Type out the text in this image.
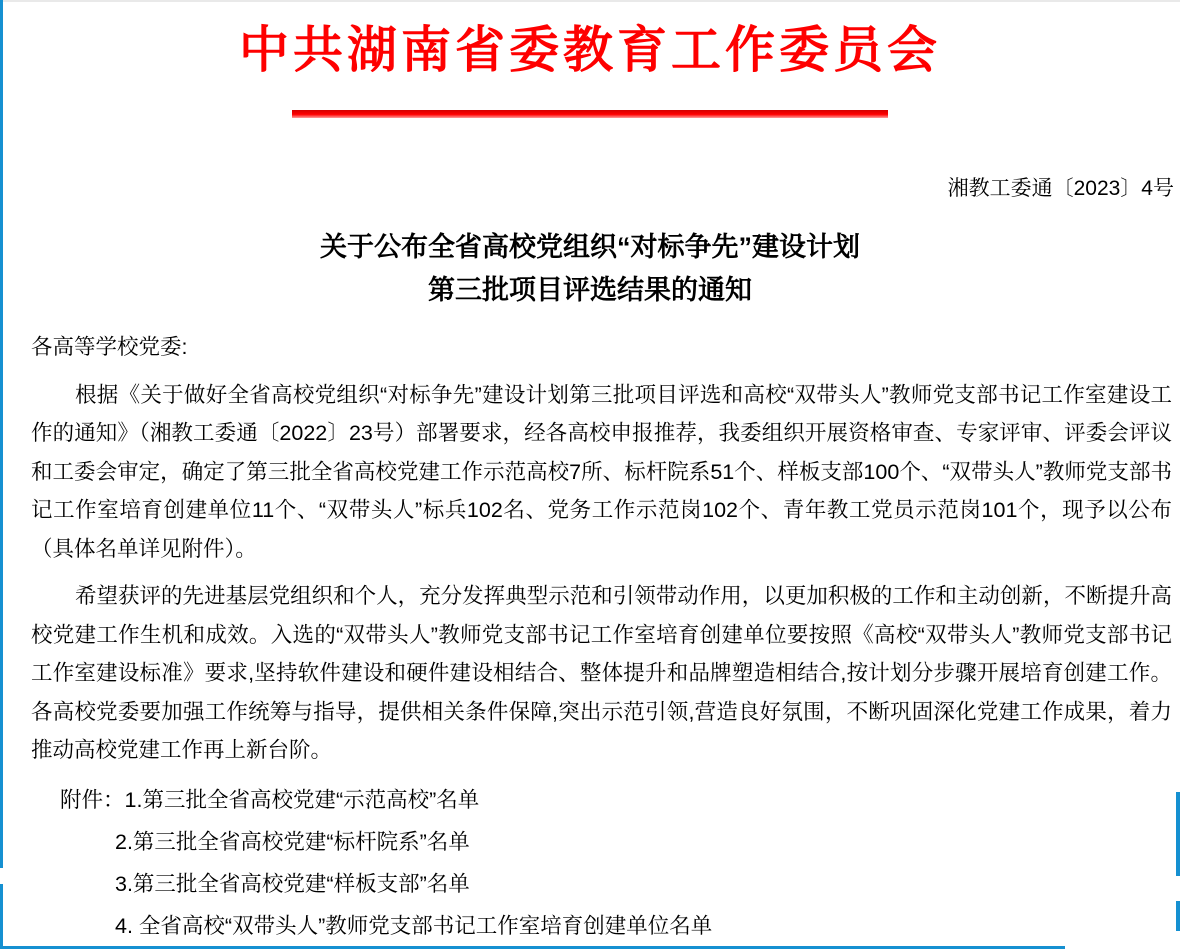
中共湖南省委教育工作委员会
湘教工委通〔2023〕4号
关于公布全省高校党组织“对标争先”建设计划
第三批项目评选结果的通知

各高等学校党委:

根据《关于做好全省高校党组织“对标争先”建设计划第三批项目评选和高校“双带头人”教师党支部书记工作室建设工作的通知》（湘教工委通〔2022〕23号）部署要求，经各高校申报推荐，我委组织开展资格审查、专家评审、评委会评议和工委会审定，确定了第三批全省高校党建工作示范高校7所、标杆院系51个、样板支部100个、“双带头人”教师党支部书记工作室培育创建单位11个、“双带头人”标兵102名、党务工作示范岗102个、青年教工党员示范岗101个，现予以公布（具体名单详见附件）。

希望获评的先进基层党组织和个人，充分发挥典型示范和引领带动作用，以更加积极的工作和主动创新，不断提升高校党建工作生机和成效。入选的“双带头人”教师党支部书记工作室培育创建单位要按照《高校“双带头人”教师党支部书记工作室建设标准》要求,坚持软件建设和硬件建设相结合、整体提升和品牌塑造相结合,按计划分步骤开展培育创建工作。各高校党委要加强工作统筹与指导，提供相关条件保障,突出示范引领,营造良好氛围，不断巩固深化党建工作成果，着力推动高校党建工作再上新台阶。

附件：1.第三批全省高校党建“示范高校”名单

2.第三批全省高校党建“标杆院系”名单

3.第三批全省高校党建“样板支部”名单

4. 全省高校“双带头人”教师党支部书记工作室培育创建单位名单
